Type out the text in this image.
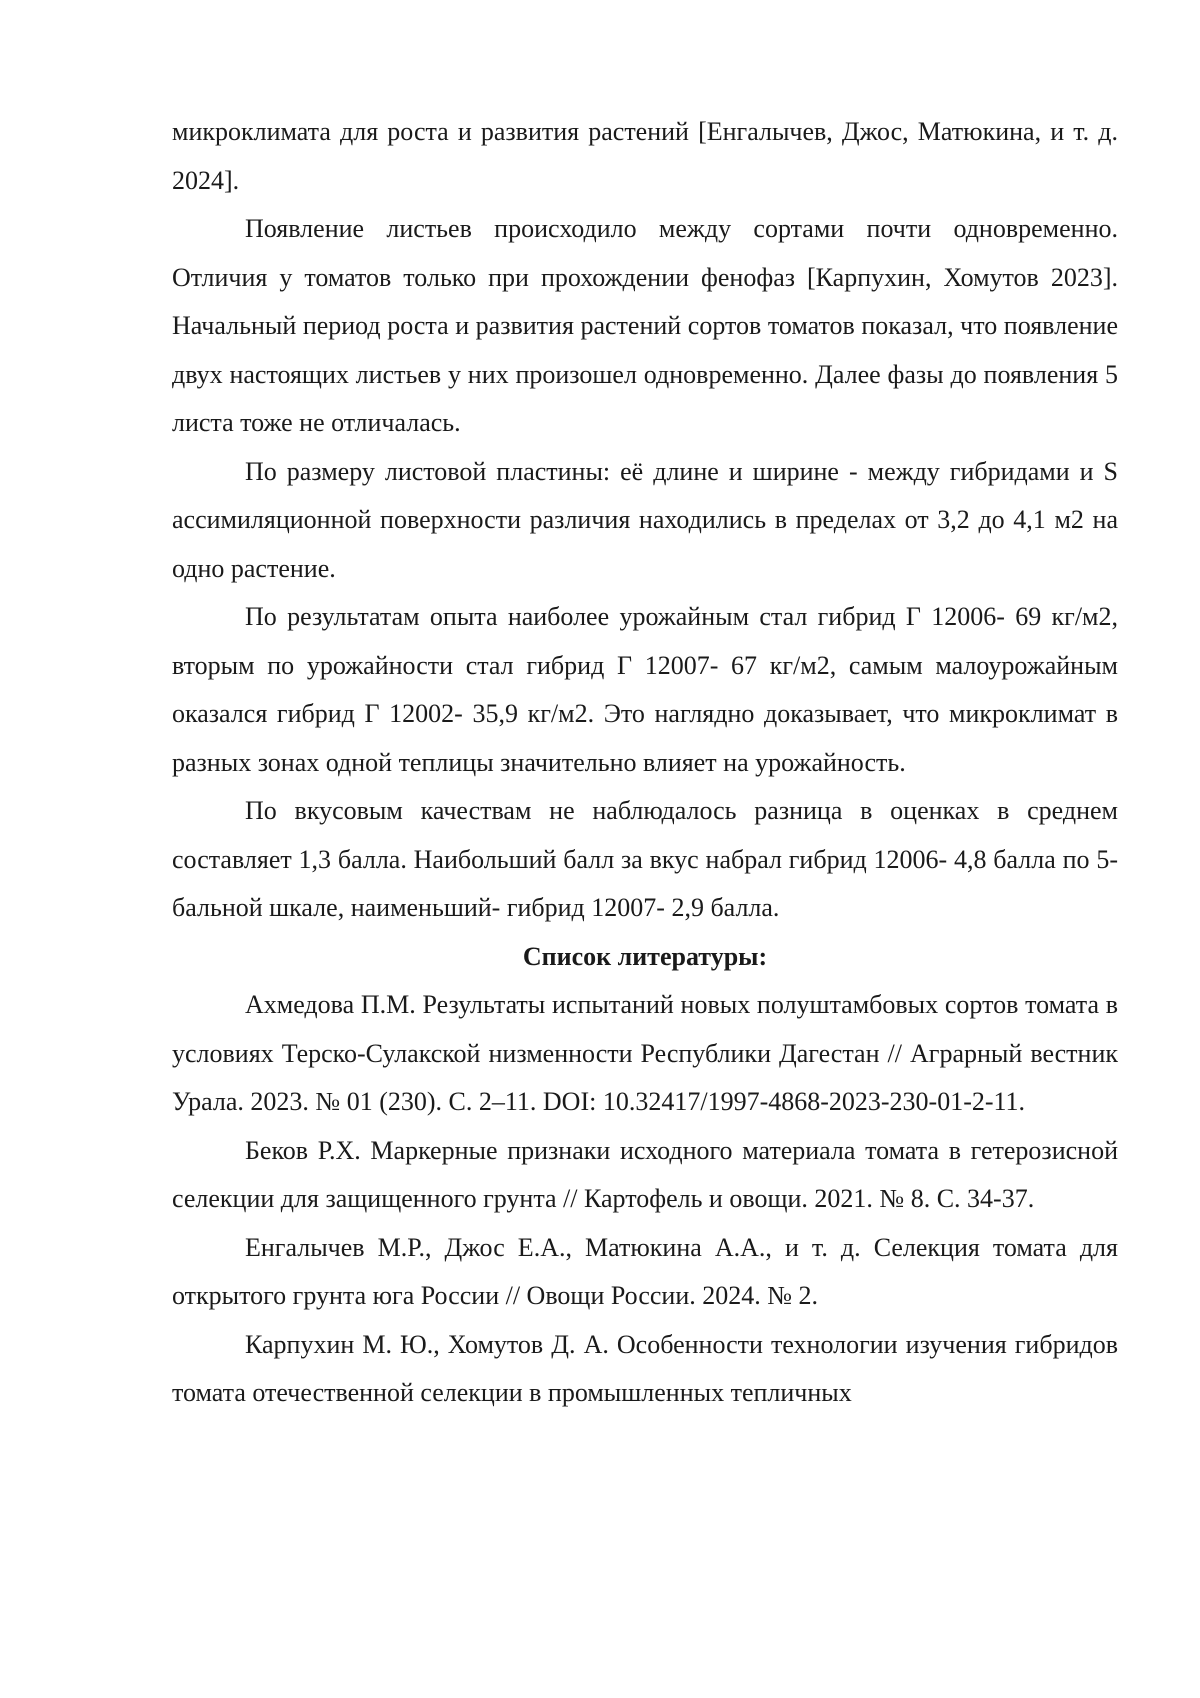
микроклимата для роста и развития растений [Енгалычев, Джос, Матюкина, и т. д. 2024].

Появление листьев происходило между сортами почти одновременно. Отличия у томатов только при прохождении фенофаз [Карпухин, Хомутов 2023]. Начальный период роста и развития растений сортов томатов показал, что появление двух настоящих листьев у них произошел одновременно. Далее фазы до появления 5 листа тоже не отличалась.

По размеру листовой пластины: её длине и ширине - между гибридами и S ассимиляционной поверхности различия находились в пределах от 3,2 до 4,1 м2 на одно растение.

По результатам опыта наиболее урожайным стал гибрид Г 12006- 69 кг/м2, вторым по урожайности стал гибрид Г 12007- 67 кг/м2, самым малоурожайным оказался гибрид Г 12002- 35,9 кг/м2. Это наглядно доказывает, что микроклимат в разных зонах одной теплицы значительно влияет на урожайность.

По вкусовым качествам не наблюдалось разница в оценках в среднем составляет 1,3 балла. Наибольший балл за вкус набрал гибрид 12006- 4,8 балла по 5-бальной шкале, наименьший- гибрид 12007- 2,9 балла.

Список литературы:

Ахмедова П.М. Результаты испытаний новых полуштамбовых сортов томата в условиях Терско-Сулакской низменности Республики Дагестан // Аграрный вестник Урала. 2023. № 01 (230). С. 2–11. DOI: 10.32417/1997-4868-2023-230-01-2-11.

Беков Р.Х. Маркерные признаки исходного материала томата в гетерозисной селекции для защищенного грунта // Картофель и овощи. 2021. № 8. С. 34-37.

Енгалычев М.Р., Джос Е.А., Матюкина А.А., и т. д. Селекция томата для открытого грунта юга России // Овощи России. 2024. № 2.

Карпухин М. Ю., Хомутов Д. А. Особенности технологии изучения гибридов томата отечественной селекции в промышленных тепличных
